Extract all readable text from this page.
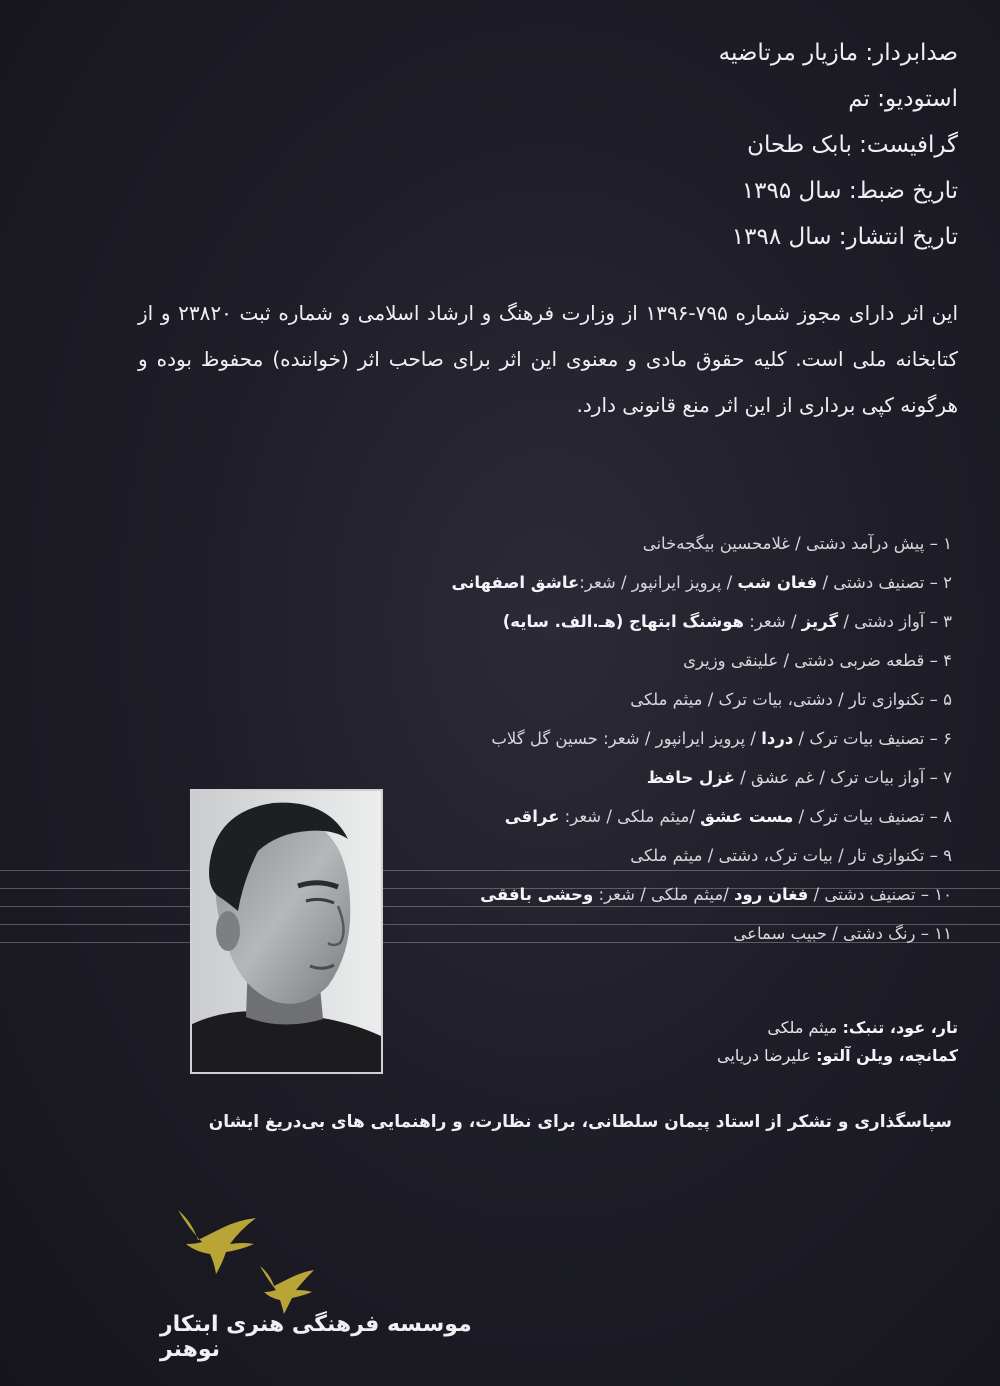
صدابردار: مازیار مرتاضیه
استودیو: تم
گرافیست: بابک طحان
تاریخ ضبط: سال ۱۳۹۵
تاریخ انتشار: سال ۱۳۹۸
این اثر دارای مجوز شماره ۷۹۵-۱۳۹۶ از وزارت فرهنگ و ارشاد اسلامی و شماره ثبت ۲۳۸۲۰ و از کتابخانه ملی است. کلیه حقوق مادی و معنوی این اثر برای صاحب اثر (خواننده) محفوظ بوده و هرگونه کپی برداری از این اثر منع قانونی دارد.
۱ – پیش درآمد دشتی / غلامحسین بیگجه‌خانی
۲ – تصنیف دشتی / فغان شب / پرویز ایرانپور / شعر:عاشق اصفهانی
۳ – آواز دشتی / گریز / شعر: هوشنگ ابتهاج (هـ.الف. سایه)
۴ – قطعه ضربی دشتی / علینقی وزیری
۵ – تکنوازی تار / دشتی، بیات ترک / میثم ملکی
۶ – تصنیف بیات ترک / دردا / پرویز ایرانپور / شعر: حسین گل گلاب
۷ – آواز بیات ترک / غم عشق / غزل حافظ
۸ – تصنیف بیات ترک / مست عشق /میثم ملکی / شعر: عراقی
۹ – تکنوازی تار / بیات ترک، دشتی / میثم ملکی
۱۰ – تصنیف دشتی / فغان رود /میثم ملکی / شعر: وحشی بافقی
۱۱ – رنگ دشتی / حبیب سماعی
تار، عود، تنبک: میثم ملکی
کمانچه، ویلن آلتو: علیرضا دریایی
سپاسگذاری و تشکر از استاد پیمان سلطانی، برای نظارت، و راهنمایی های بی‌دریغ ایشان
موسسه فرهنگی هنری ابتکار نوهنر
